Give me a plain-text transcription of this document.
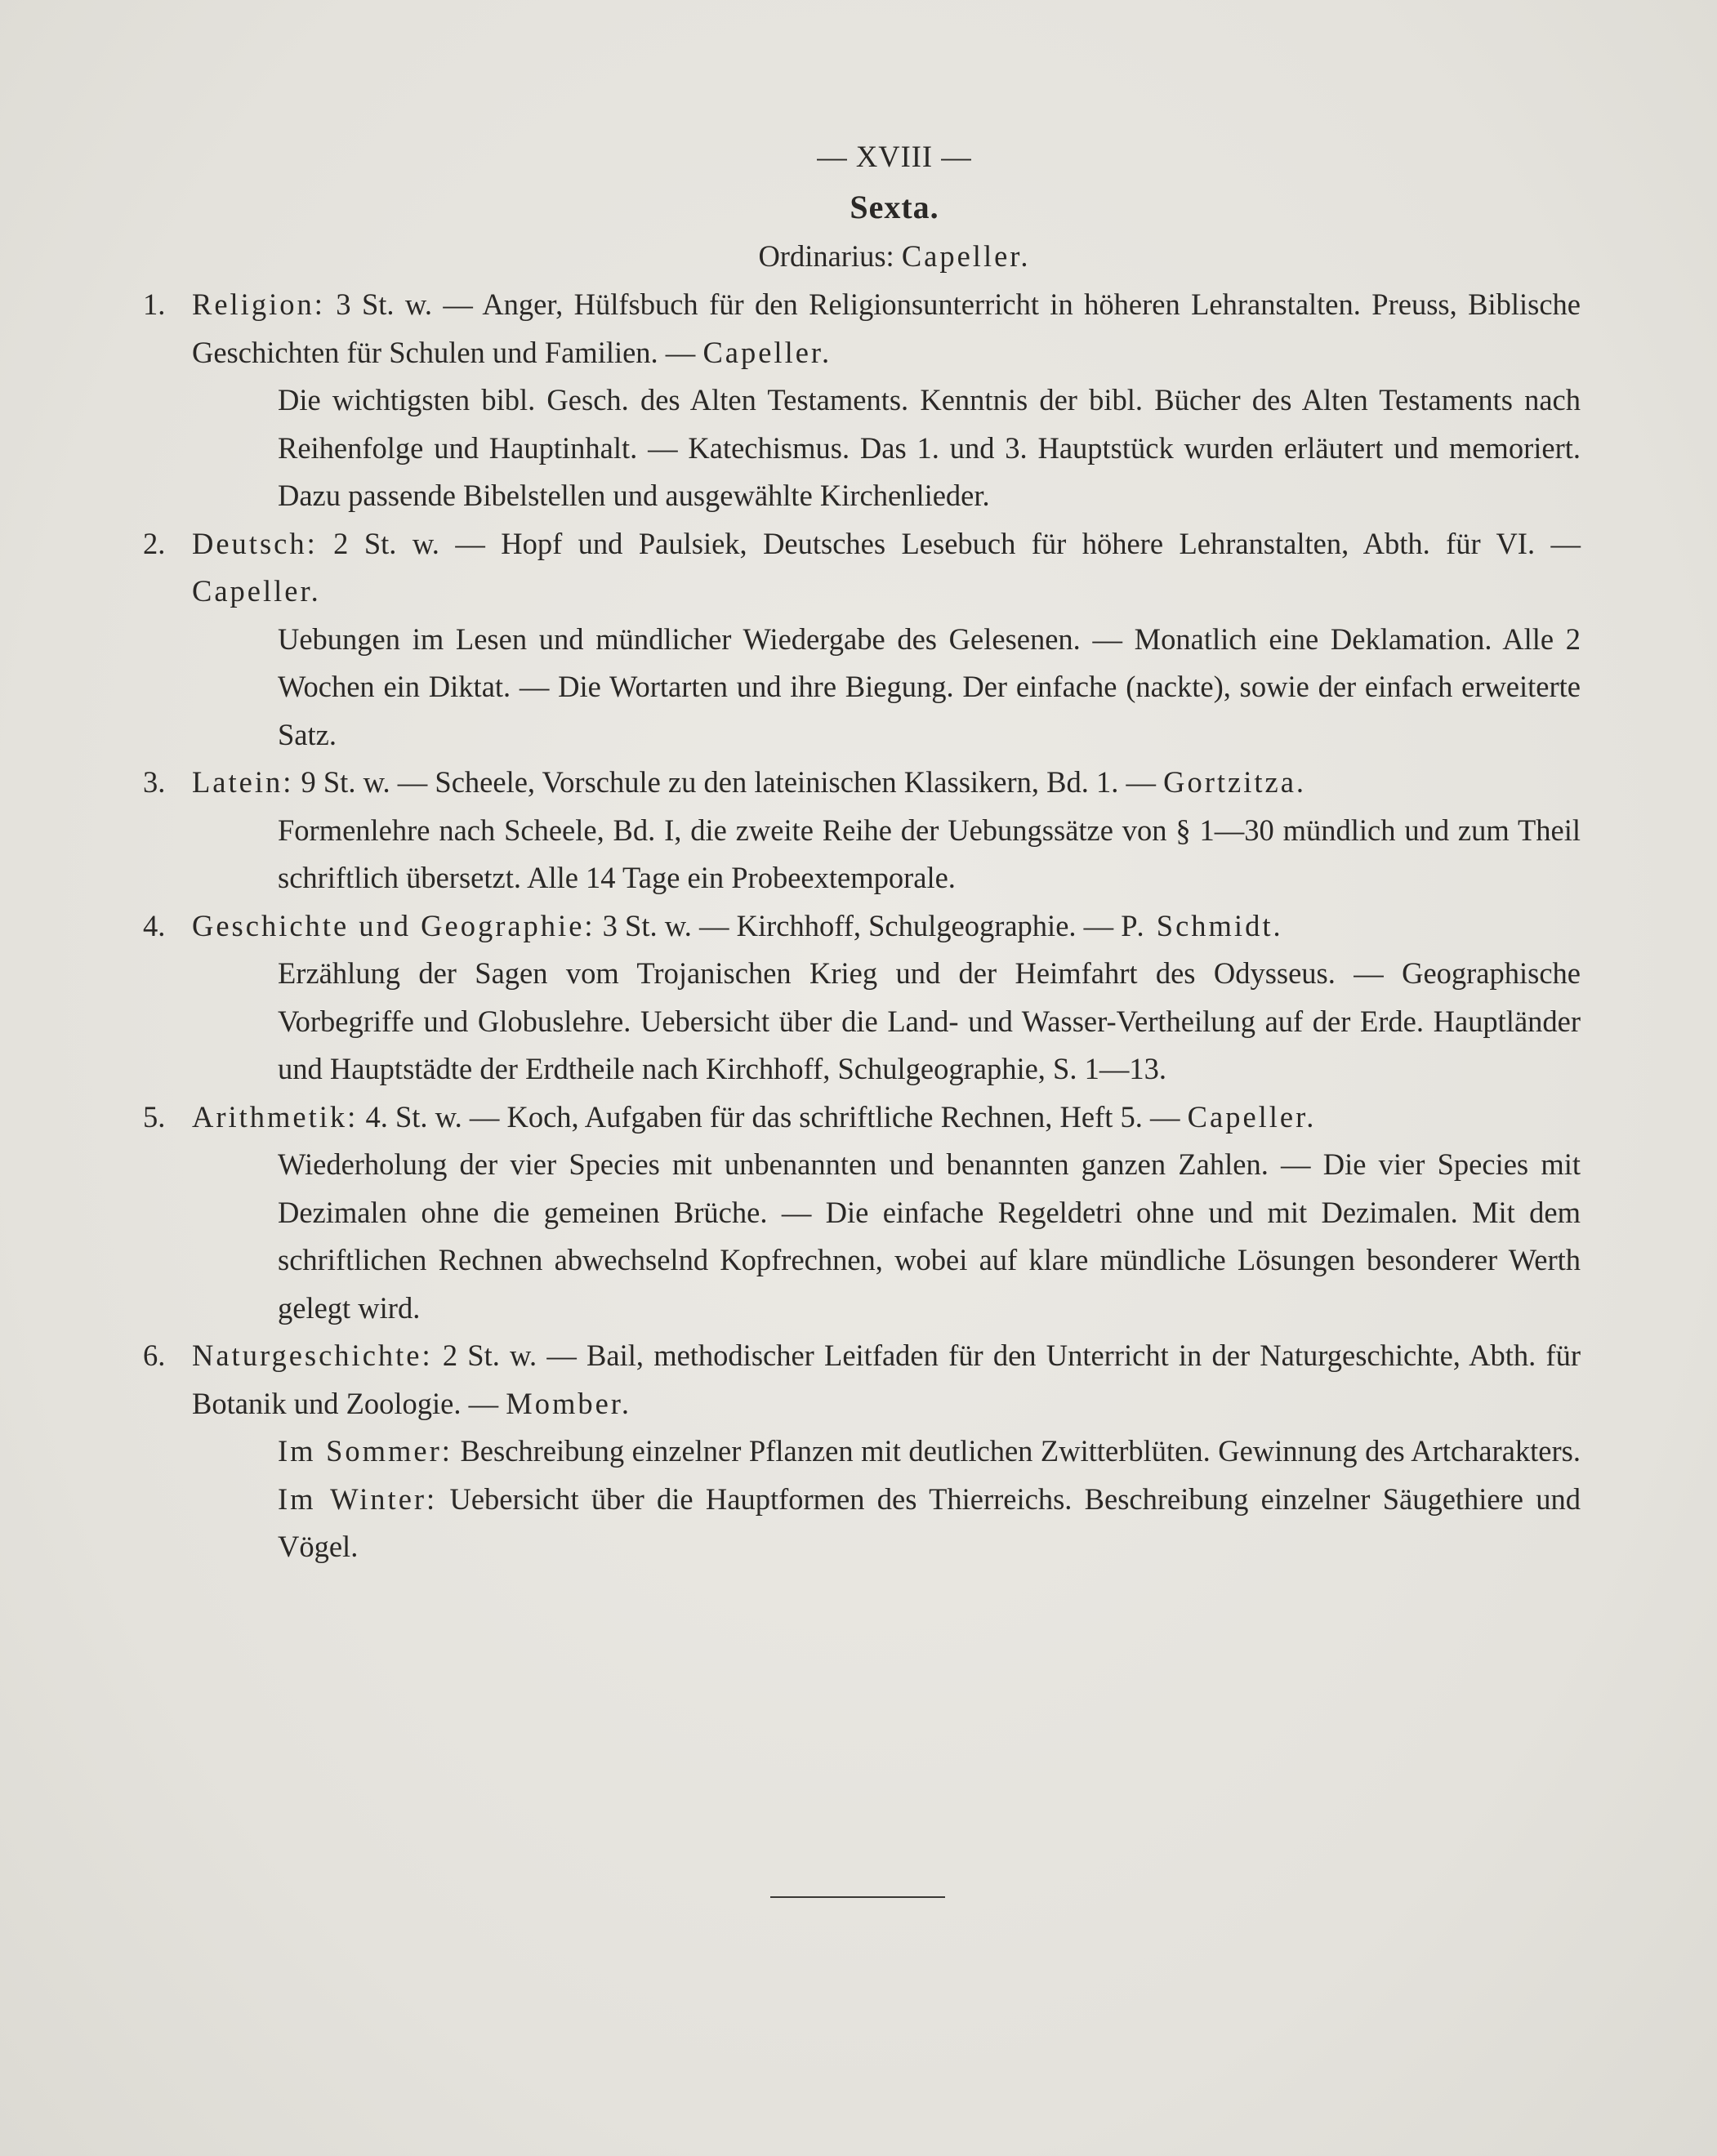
— XVIII —
Sexta.
Ordinarius: Capeller.
1. Religion: 3 St. w. — Anger, Hülfsbuch für den Religionsunterricht in höheren Lehranstalten. Preuss, Biblische Geschichten für Schulen und Familien. — Capeller.
Die wichtigsten bibl. Gesch. des Alten Testaments. Kenntnis der bibl. Bücher des Alten Testaments nach Reihenfolge und Hauptinhalt. — Katechismus. Das 1. und 3. Hauptstück wurden erläutert und memoriert. Dazu passende Bibelstellen und ausgewählte Kirchenlieder.
2. Deutsch: 2 St. w. — Hopf und Paulsiek, Deutsches Lesebuch für höhere Lehranstalten, Abth. für VI. — Capeller.
Uebungen im Lesen und mündlicher Wiedergabe des Gelesenen. — Monatlich eine Deklamation. Alle 2 Wochen ein Diktat. — Die Wortarten und ihre Biegung. Der einfache (nackte), sowie der einfach erweiterte Satz.
3. Latein: 9 St. w. — Scheele, Vorschule zu den lateinischen Klassikern, Bd. 1. — Gortzitza.
Formenlehre nach Scheele, Bd. I, die zweite Reihe der Uebungssätze von § 1—30 mündlich und zum Theil schriftlich übersetzt. Alle 14 Tage ein Probeextemporale.
4. Geschichte und Geographie: 3 St. w. — Kirchhoff, Schulgeographie. — P. Schmidt.
Erzählung der Sagen vom Trojanischen Krieg und der Heimfahrt des Odysseus. — Geographische Vorbegriffe und Globuslehre. Uebersicht über die Land- und Wasser-Vertheilung auf der Erde. Hauptländer und Hauptstädte der Erdtheile nach Kirchhoff, Schulgeographie, S. 1—13.
5. Arithmetik: 4. St. w. — Koch, Aufgaben für das schriftliche Rechnen, Heft 5. — Capeller.
Wiederholung der vier Species mit unbenannten und benannten ganzen Zahlen. — Die vier Species mit Dezimalen ohne die gemeinen Brüche. — Die einfache Regeldetri ohne und mit Dezimalen. Mit dem schriftlichen Rechnen abwechselnd Kopfrechnen, wobei auf klare mündliche Lösungen besonderer Werth gelegt wird.
6. Naturgeschichte: 2 St. w. — Bail, methodischer Leitfaden für den Unterricht in der Naturgeschichte, Abth. für Botanik und Zoologie. — Momber.
Im Sommer: Beschreibung einzelner Pflanzen mit deutlichen Zwitterblüten. Gewinnung des Artcharakters. Im Winter: Uebersicht über die Hauptformen des Thierreichs. Beschreibung einzelner Säugethiere und Vögel.
